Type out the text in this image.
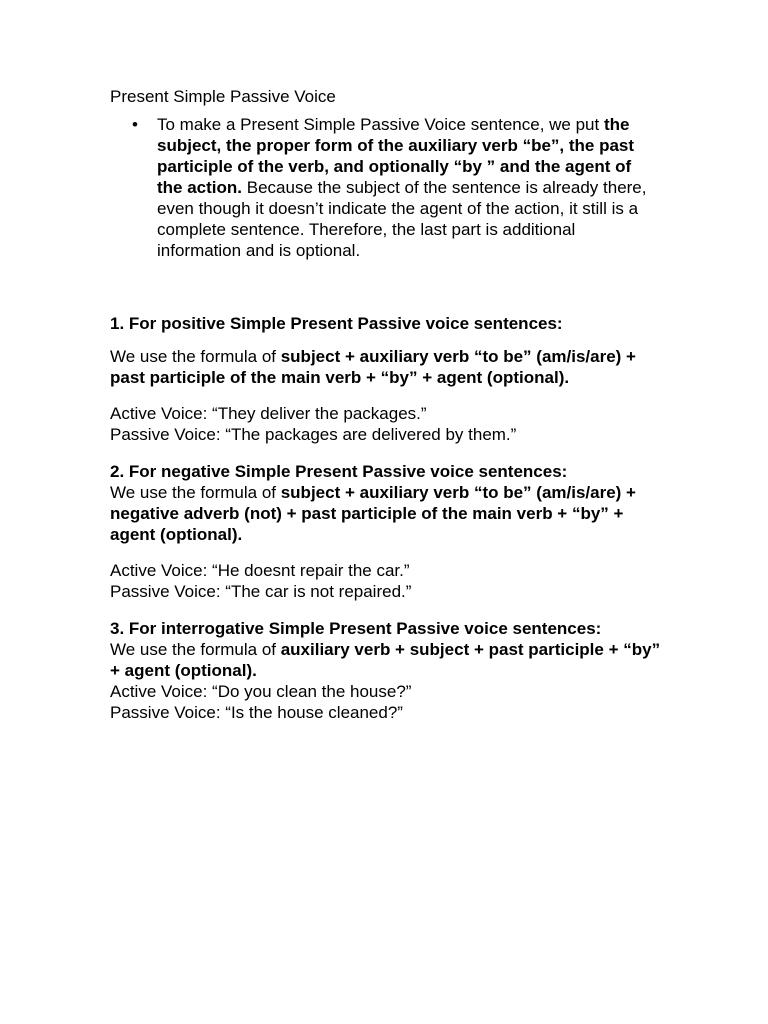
Present Simple Passive Voice

• To make a Present Simple Passive Voice sentence, we put the subject, the proper form of the auxiliary verb “be”, the past participle of the verb, and optionally “by ” and the agent of the action. Because the subject of the sentence is already there, even though it doesn’t indicate the agent of the action, it still is a complete sentence. Therefore, the last part is additional information and is optional.

1. For positive Simple Present Passive voice sentences:

We use the formula of subject + auxiliary verb “to be” (am/is/are) + past participle of the main verb + “by” + agent (optional).

Active Voice: “They deliver the packages.”

Passive Voice: “The packages are delivered by them.”

2. For negative Simple Present Passive voice sentences:

We use the formula of subject + auxiliary verb “to be” (am/is/are) + negative adverb (not) + past participle of the main verb + “by” + agent (optional).

Active Voice: “He doesnt repair the car.”

Passive Voice: “The car is not repaired.”

3. For interrogative Simple Present Passive voice sentences:

We use the formula of auxiliary verb + subject + past participle + “by” + agent (optional).

Active Voice: “Do you clean the house?”

Passive Voice: “Is the house cleaned?”
